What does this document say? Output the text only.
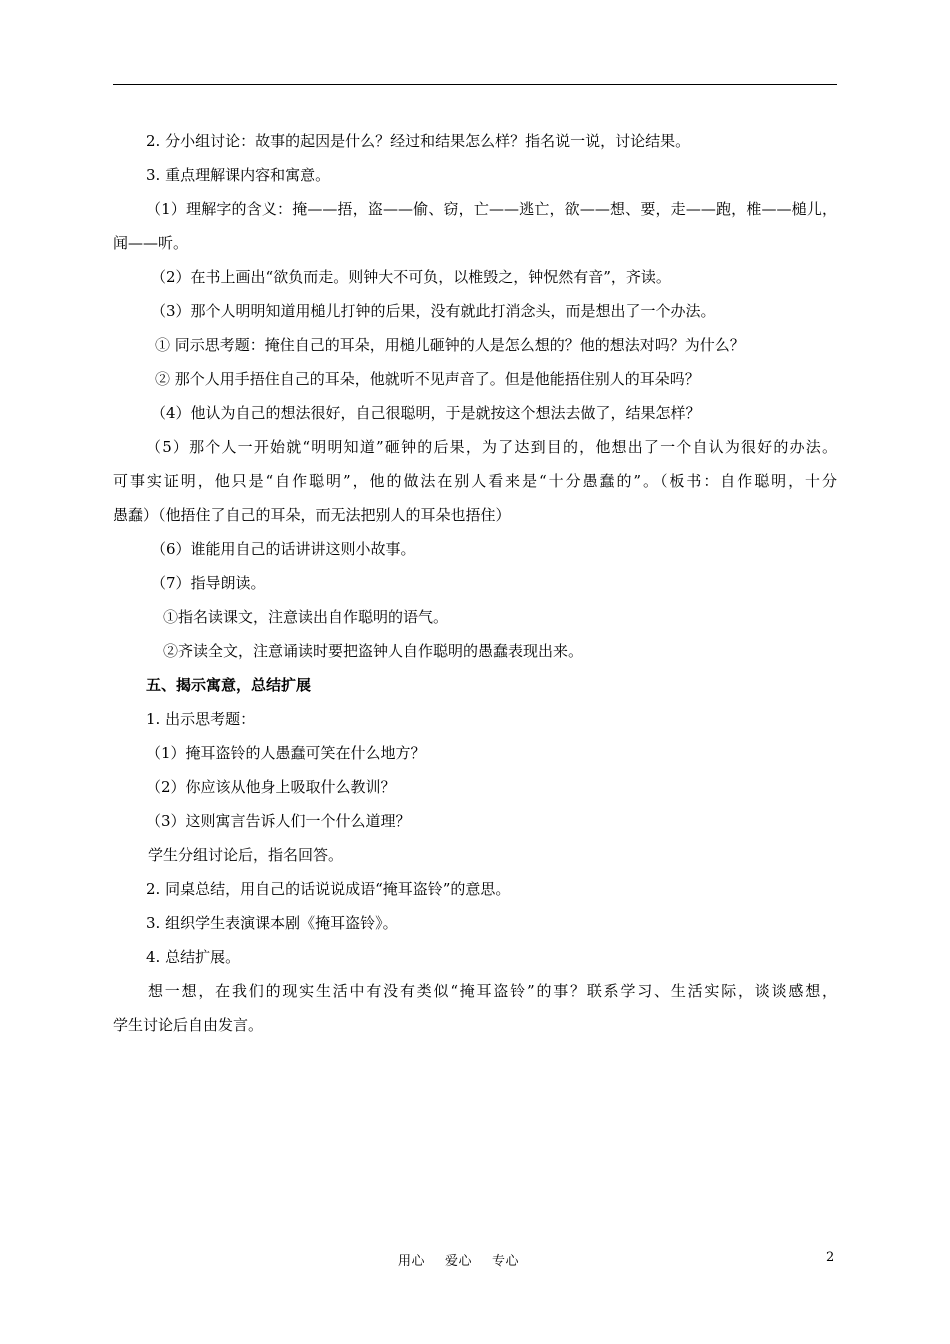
2. 分小组讨论：故事的起因是什么？经过和结果怎么样？指名说一说，讨论结果。
3. 重点理解课内容和寓意。
（1）理解字的含义：掩——捂，盗——偷、窃，亡——逃亡，欲——想、要，走——跑，椎——槌儿，
闻——听。
（2）在书上画出“欲负而走。则钟大不可负，以椎毁之，钟怳然有音”，齐读。
（3）那个人明明知道用槌儿打钟的后果，没有就此打消念头，而是想出了一个办法。
① 同示思考题：掩住自己的耳朵，用槌儿砸钟的人是怎么想的？他的想法对吗？为什么？
② 那个人用手捂住自己的耳朵，他就听不见声音了。但是他能捂住别人的耳朵吗？
（4）他认为自己的想法很好，自己很聪明，于是就按这个想法去做了，结果怎样？
（5）那个人一开始就“明明知道”砸钟的后果，为了达到目的，他想出了一个自认为很好的办法。
可事实证明，他只是“自作聪明”，他的做法在别人看来是“十分愚蠢的”。（板书：自作聪明，十分
愚蠢）（他捂住了自己的耳朵，而无法把别人的耳朵也捂住）
（6）谁能用自己的话讲讲这则小故事。
（7）指导朗读。
①指名读课文，注意读出自作聪明的语气。
②齐读全文，注意诵读时要把盗钟人自作聪明的愚蠢表现出来。
五、揭示寓意，总结扩展
1. 出示思考题：
（1）掩耳盗铃的人愚蠢可笑在什么地方？
（2）你应该从他身上吸取什么教训？
（3）这则寓言告诉人们一个什么道理？
学生分组讨论后，指名回答。
2. 同桌总结，用自己的话说说成语“掩耳盗铃”的意思。
3. 组织学生表演课本剧《掩耳盗铃》。
4. 总结扩展。
想一想，在我们的现实生活中有没有类似“掩耳盗铃”的事？联系学习、生活实际，谈谈感想，
学生讨论后自由发言。
用心 爱心 专心	2
